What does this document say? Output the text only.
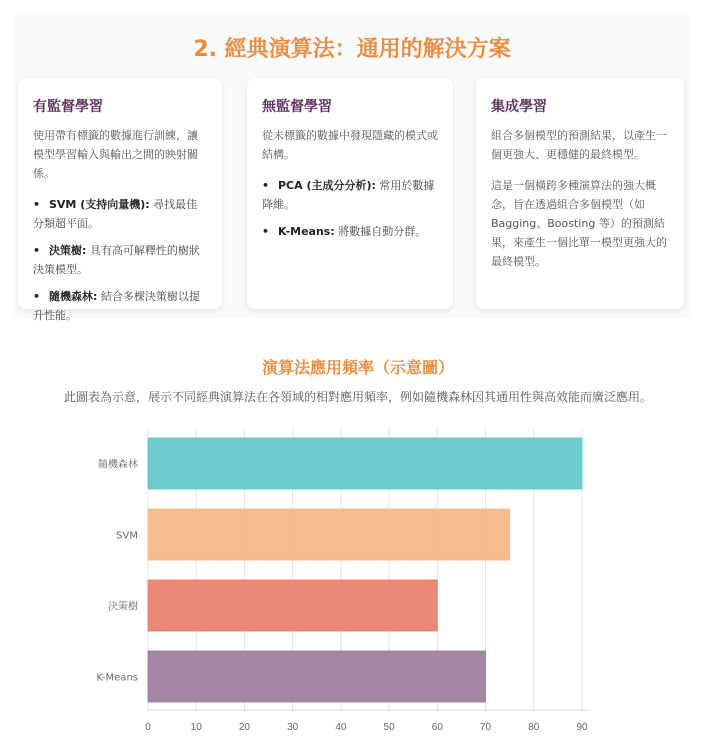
2. 經典演算法：通用的解決方案
有監督學習

使用帶有標籤的數據進行訓練，讓模型學習輸入與輸出之間的映射關係。

• SVM (支持向量機): 尋找最佳分類超平面。
• 決策樹: 具有高可解釋性的樹狀決策模型。
• 隨機森林: 結合多棵決策樹以提升性能。
無監督學習

從未標籤的數據中發現隱藏的模式或結構。

• PCA (主成分分析): 常用於數據降維。
• K-Means: 將數據自動分群。
集成學習

組合多個模型的預測結果，以產生一個更強大、更穩健的最終模型。

這是一個橫跨多種演算法的強大概念，旨在透過組合多個模型（如 Bagging、Boosting 等）的預測結果，來產生一個比單一模型更強大的最終模型。

演算法應用頻率（示意圖）
此圖表為示意，展示不同經典演算法在各領域的相對應用頻率，例如隨機森林因其通用性與高效能而廣泛應用。
0	10	20	30	40	50	60	70	80	90
隨機森林
SVM
決策樹
K-Means
